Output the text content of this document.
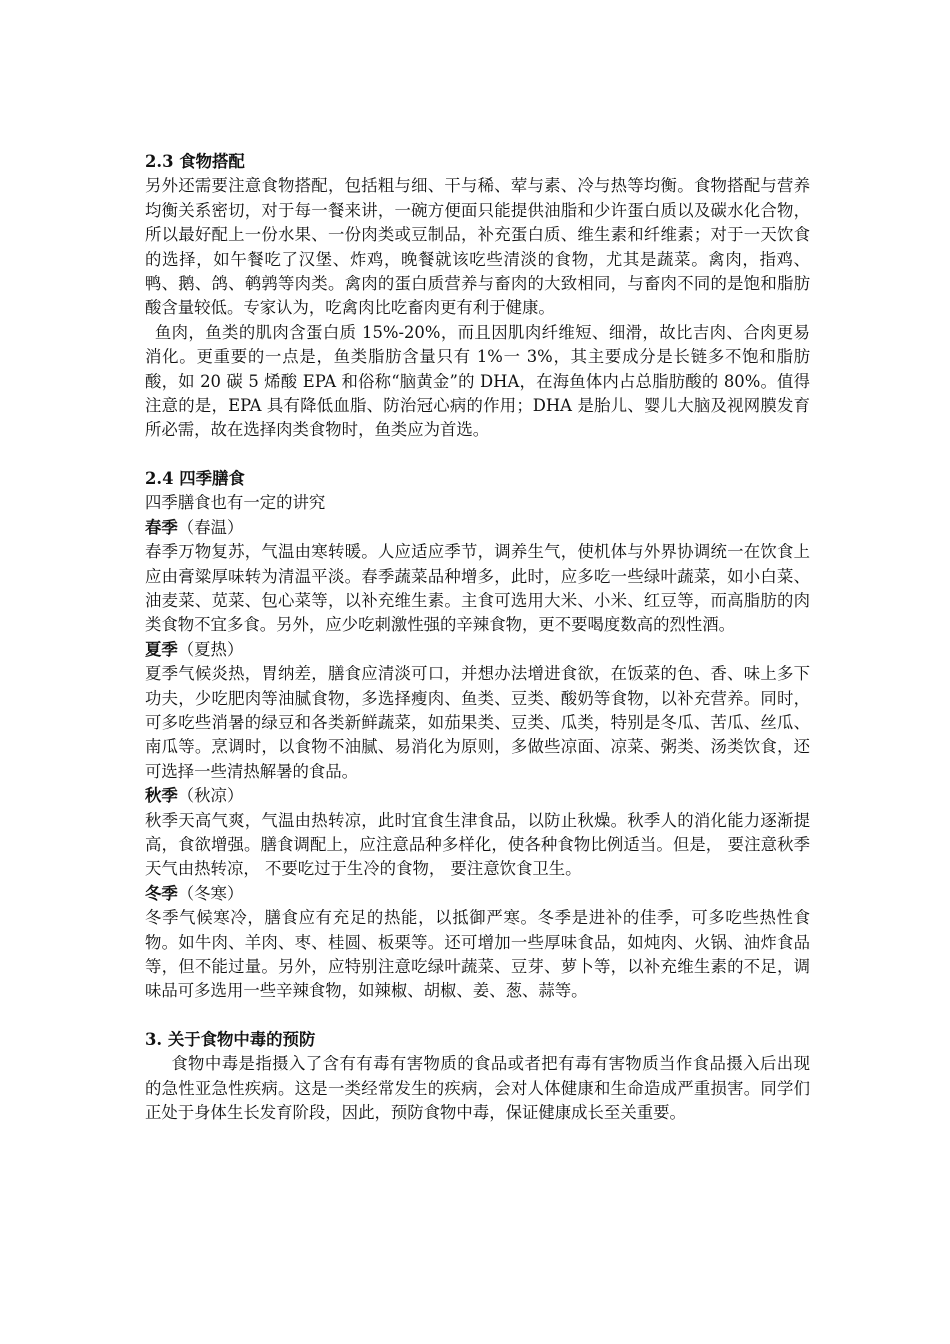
2.3 食物搭配

另外还需要注意食物搭配，包括粗与细、干与稀、荤与素、冷与热等均衡。食物搭配与营养均衡关系密切，对于每一餐来讲，一碗方便面只能提供油脂和少许蛋白质以及碳水化合物，所以最好配上一份水果、一份肉类或豆制品，补充蛋白质、维生素和纤维素；对于一天饮食的选择，如午餐吃了汉堡、炸鸡，晚餐就该吃些清淡的食物，尤其是蔬菜。禽肉，指鸡、鸭、鹅、鸽、鹌鹑等肉类。禽肉的蛋白质营养与畜肉的大致相同，与畜肉不同的是饱和脂肪酸含量较低。专家认为，吃禽肉比吃畜肉更有利于健康。

鱼肉，鱼类的肌肉含蛋白质 15%-20%，而且因肌肉纤维短、细滑，故比吉肉、合肉更易消化。更重要的一点是，鱼类脂肪含量只有 1%一 3%，其主要成分是长链多不饱和脂肪酸，如 20 碳 5 烯酸 EPA 和俗称“脑黄金”的 DHA，在海鱼体内占总脂肪酸的 80%。值得注意的是，EPA 具有降低血脂、防治冠心病的作用；DHA 是胎儿、婴儿大脑及视网膜发育所必需，故在选择肉类食物时，鱼类应为首选。

2.4 四季膳食

四季膳食也有一定的讲究

春季（春温）

春季万物复苏，气温由寒转暖。人应适应季节，调养生气，使机体与外界协调统一在饮食上应由膏粱厚味转为清温平淡。春季蔬菜品种增多，此时，应多吃一些绿叶蔬菜，如小白菜、油麦菜、苋菜、包心菜等，以补充维生素。主食可选用大米、小米、红豆等，而高脂肪的肉类食物不宜多食。另外，应少吃刺激性强的辛辣食物，更不要喝度数高的烈性酒。

夏季（夏热）

夏季气候炎热，胃纳差，膳食应清淡可口，并想办法增进食欲，在饭菜的色、香、味上多下功夫，少吃肥肉等油腻食物，多选择瘦肉、鱼类、豆类、酸奶等食物，以补充营养。同时，可多吃些消暑的绿豆和各类新鲜蔬菜，如茄果类、豆类、瓜类，特别是冬瓜、苦瓜、丝瓜、南瓜等。烹调时，以食物不油腻、易消化为原则，多做些凉面、凉菜、粥类、汤类饮食，还可选择一些清热解暑的食品。

秋季（秋凉）

秋季天高气爽，气温由热转凉，此时宜食生津食品，以防止秋燥。秋季人的消化能力逐渐提高，食欲增强。膳食调配上，应注意品种多样化，使各种食物比例适当。但是， 要注意秋季天气由热转凉， 不要吃过于生冷的食物， 要注意饮食卫生。

冬季（冬寒）

冬季气候寒冷，膳食应有充足的热能，以抵御严寒。冬季是进补的佳季，可多吃些热性食物。如牛肉、羊肉、枣、桂圆、板栗等。还可增加一些厚味食品，如炖肉、火锅、油炸食品等，但不能过量。另外，应特别注意吃绿叶蔬菜、豆芽、萝卜等，以补充维生素的不足，调味品可多选用一些辛辣食物，如辣椒、胡椒、姜、葱、蒜等。

3. 关于食物中毒的预防

食物中毒是指摄入了含有有毒有害物质的食品或者把有毒有害物质当作食品摄入后出现的急性亚急性疾病。这是一类经常发生的疾病，会对人体健康和生命造成严重损害。同学们正处于身体生长发育阶段，因此，预防食物中毒，保证健康成长至关重要。
